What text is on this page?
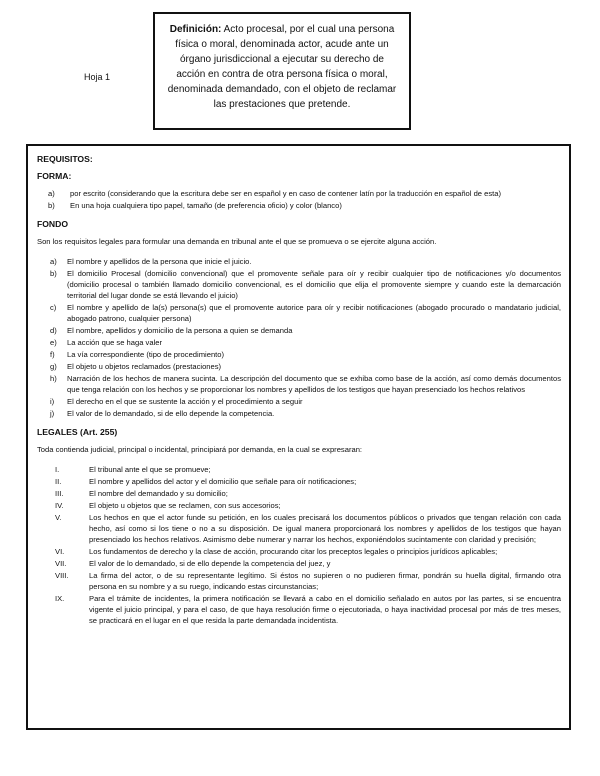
Hoja 1
Definición: Acto procesal, por el cual una persona física o moral, denominada actor, acude ante un órgano jurisdiccional a ejecutar su derecho de acción en contra de otra persona física o moral, denominada demandado, con el objeto de reclamar las prestaciones que pretende.
REQUISITOS:
FORMA:
a)	por escrito (considerando que la escritura debe ser en español y en caso de contener latín por la traducción en español de esta)
b)	En una hoja cualquiera tipo papel, tamaño (de preferencia oficio) y color (blanco)
FONDO

Son los requisitos legales para formular una demanda en tribunal ante el que se promueva o se ejercite alguna acción.

a)	El nombre y apellidos de la persona que inicie el juicio.
b)	El domicilio Procesal (domicilio convencional) que el promovente señale para oír y recibir cualquier tipo de notificaciones y/o documentos (domicilio procesal o también llamado domicilio convencional, es el domicilio que elija el promovente siempre y cuando este la demarcación territorial del lugar donde se está llevando el juicio)
c)	El nombre y apellido de la(s) persona(s) que el promovente autorice para oír y recibir notificaciones (abogado procurado o mandatario judicial, abogado patrono, cualquier persona)
d)	El nombre, apellidos y domicilio de la persona a quien se demanda
e)	La acción que se haga valer
f)	La vía correspondiente (tipo de procedimiento)
g)	El objeto u objetos reclamados (prestaciones)
h)	Narración de los hechos de manera sucinta. La descripción del documento que se exhiba como base de la acción, así como demás documentos que tenga relación con los hechos y se proporcionar los nombres y apellidos de los testigos que hayan presenciado los hechos relativos
i)	El derecho en el que se sustente la acción y el procedimiento a seguir
j)	El valor de lo demandado, si de ello depende la competencia.
LEGALES (Art. 255)

Toda contienda judicial, principal o incidental, principiará por demanda, en la cual se expresaran:

I.	El tribunal ante el que se promueve;
II.	El nombre y apellidos del actor y el domicilio que señale para oír notificaciones;
III.	El nombre del demandado y su domicilio;
IV.	El objeto u objetos que se reclamen, con sus accesorios;
V.	Los hechos en que el actor funde su petición, en los cuales precisará los documentos públicos o privados que tengan relación con cada hecho, así como si los tiene o no a su disposición. De igual manera proporcionará los nombres y apellidos de los testigos que hayan presenciado los hechos relativos. Asimismo debe numerar y narrar los hechos, exponiéndolos sucintamente con claridad y precisión;
VI.	Los fundamentos de derecho y la clase de acción, procurando citar los preceptos legales o principios jurídicos aplicables;
VII.	El valor de lo demandado, si de ello depende la competencia del juez, y
VIII.	La firma del actor, o de su representante legítimo. Si éstos no supieren o no pudieren firmar, pondrán su huella digital, firmando otra persona en su nombre y a su ruego, indicando estas circunstancias;
IX.	Para el trámite de incidentes, la primera notificación se llevará a cabo en el domicilio señalado en autos por las partes, si se encuentra vigente el juicio principal, y para el caso, de que haya resolución firme o ejecutoriada, o haya inactividad procesal por más de tres meses, se practicará en el lugar en el que resida la parte demandada incidentista.
